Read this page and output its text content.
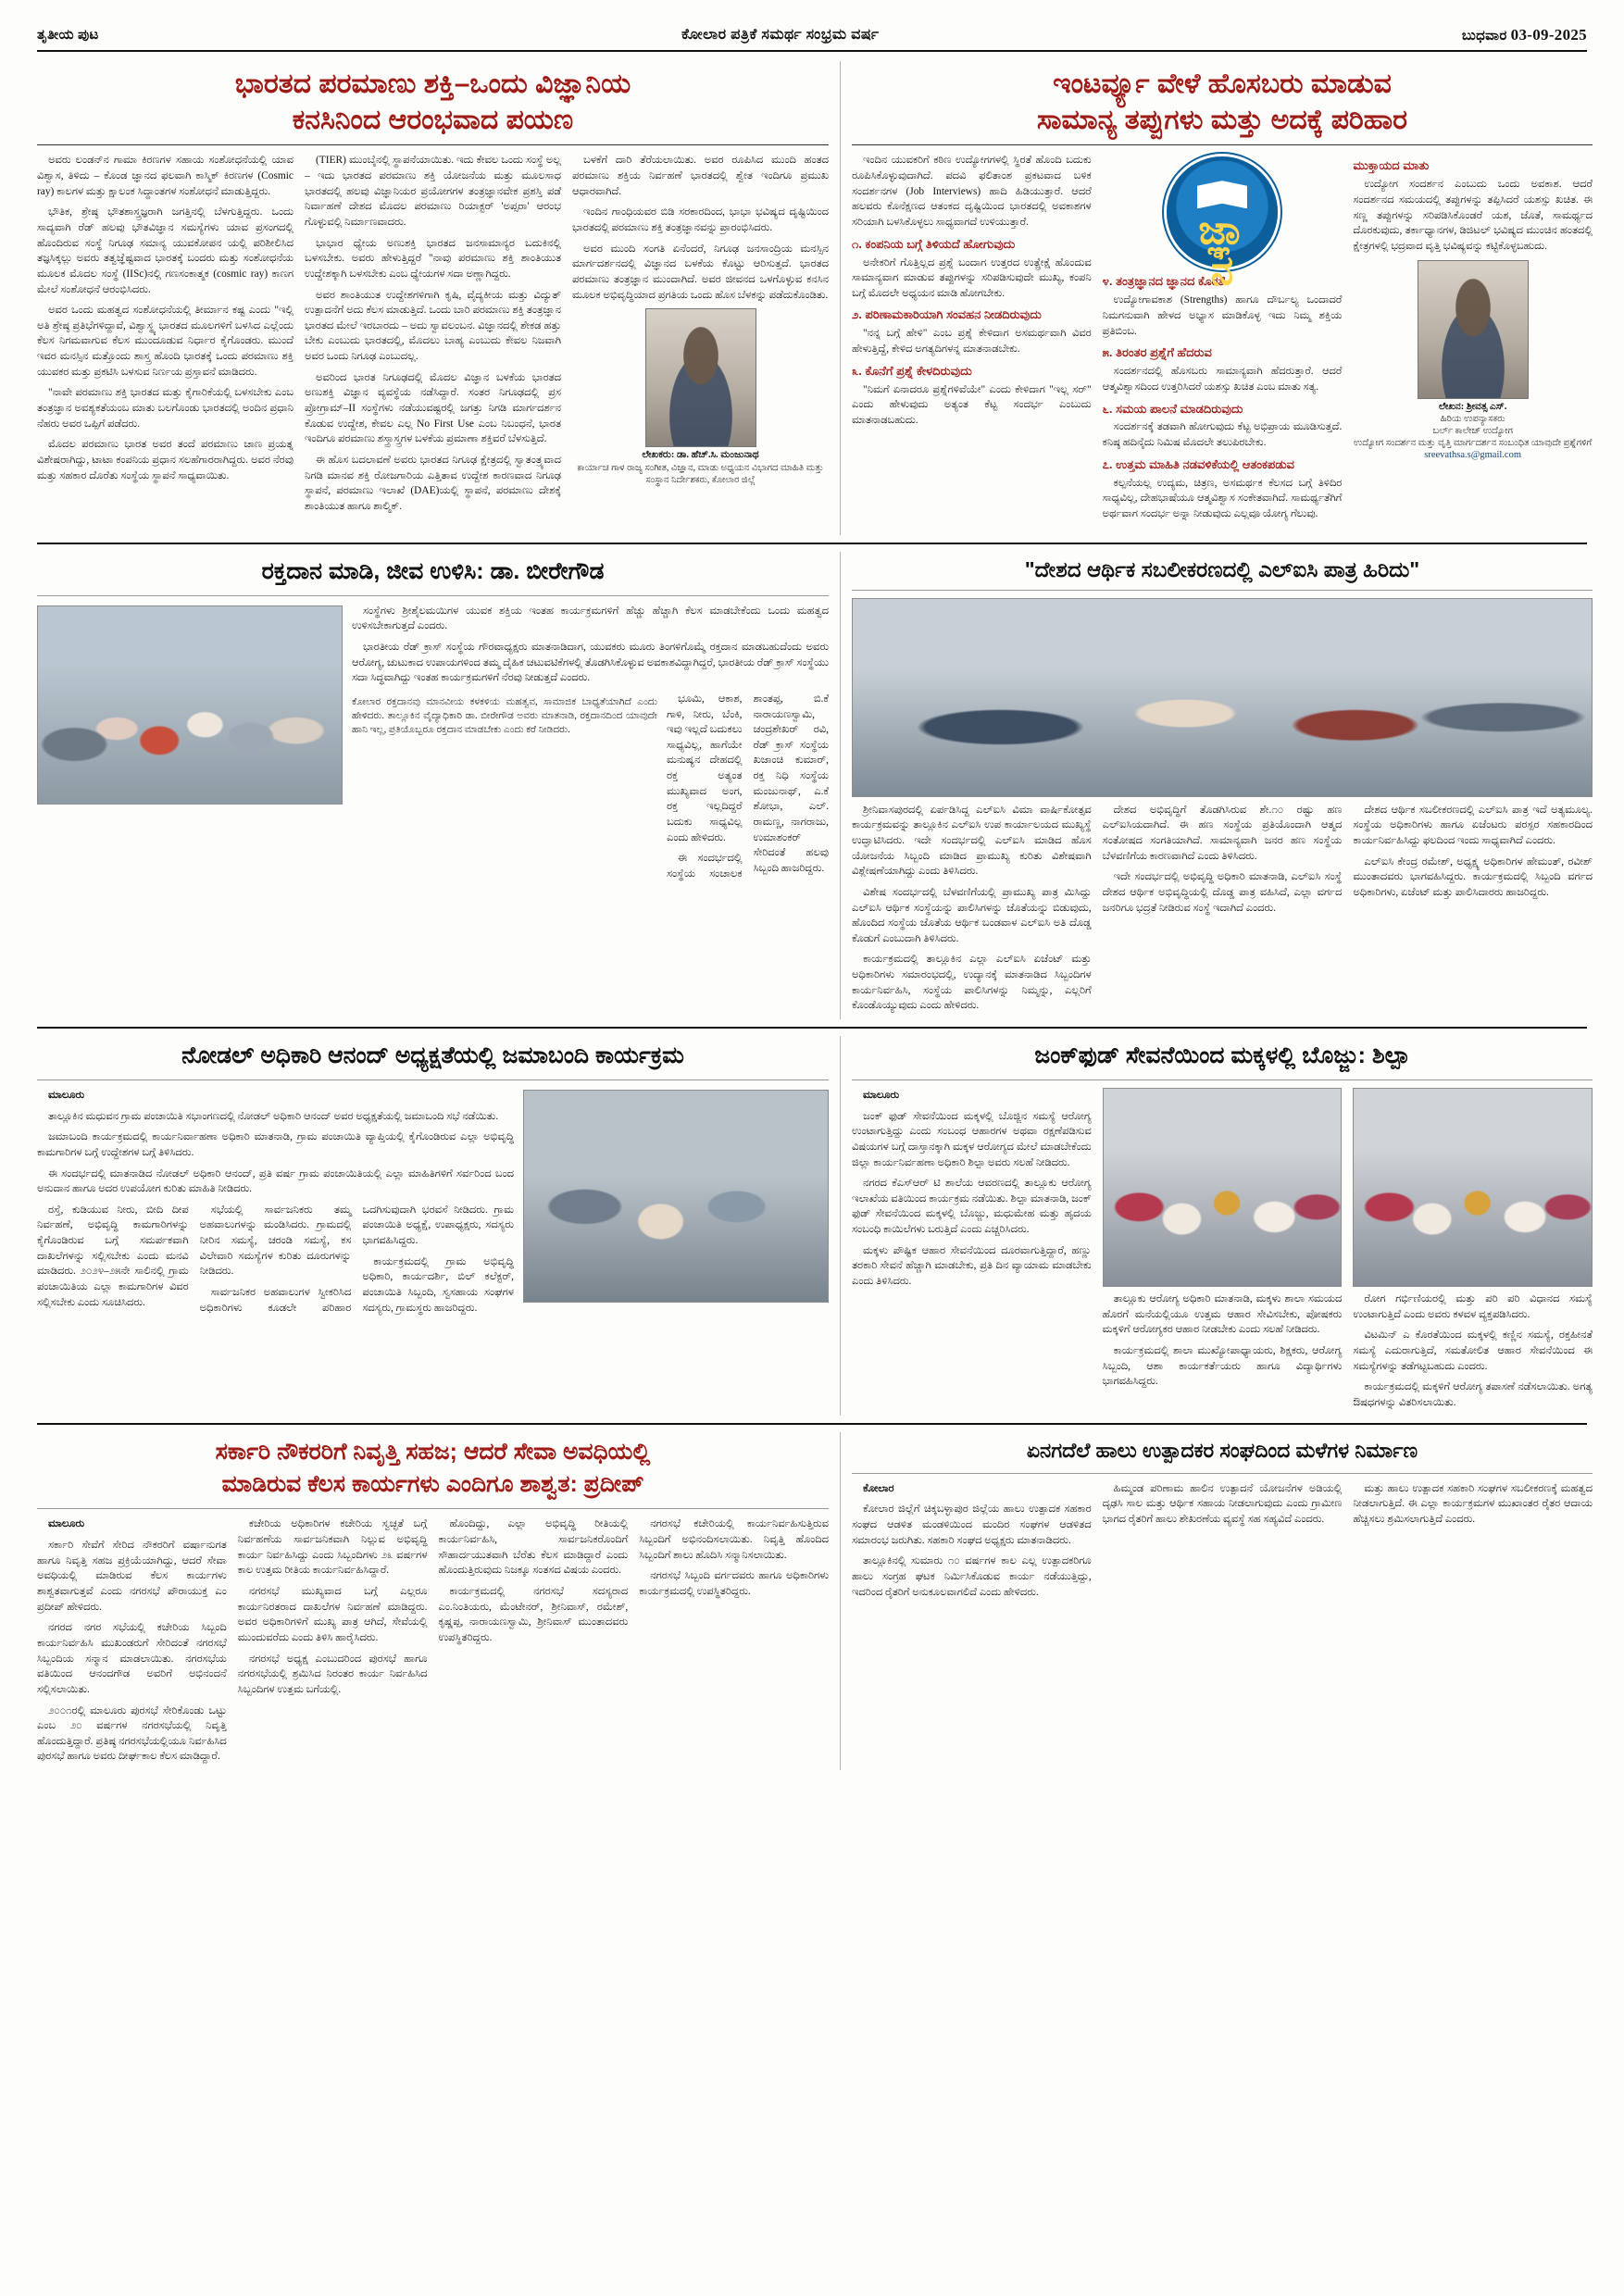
ತೃತೀಯ ಪುಟ	ಕೋಲಾರ ಪತ್ರಿಕೆ ಸಮರ್ಥ ಸಂಭ್ರಮ ವರ್ಷ	ಬುಧವಾರ 03-09-2025
ಭಾರತದ ಪರಮಾಣು ಶಕ್ತಿ–ಒಂದು ವಿಜ್ಞಾನಿಯ
ಕನಸಿನಿಂದ ಆರಂಭವಾದ ಪಯಣ

ಅವರು ಲಂಡನ್‌ನ ಗಾಮಾ ಕಿರಣಗಳ ಸಹಾಯ ಸಂಶೋಧನೆಯಲ್ಲಿ ಯಾವ ವಿಶ್ವಾಸ, ತಿಳಿದು – ಕೊಂಡ ಜ್ಞಾನದ ಫಲವಾಗಿ ಕಾಸ್ಮಿಕ್ ಕಿರಣಗಳ (Cosmic ray) ಕಾಲಗಳ ಮತ್ತು ಕ್ಷಾಲಂಕ ಸಿದ್ಧಾಂತಗಳ ಸಂಶೋಧನೆ ಮಾಡುತ್ತಿದ್ದರು.

ಭೌತಿಕ, ಶ್ರೇಷ್ಠ ಭೌತಶಾಸ್ತ್ರಜ್ಞರಾಗಿ ಜಗತ್ತಿನಲ್ಲಿ ಬೆಳಗುತ್ತಿದ್ದರು. ಒಂದು ಸಾದ್ಯವಾಗಿ ರೆಡ್ ಹಲವು ಭೌತವಿಜ್ಞಾನ ಸಮಸ್ಯೆಗಳು ಯಾವ ಪ್ರಸಂಗದಲ್ಲಿ ಹೊಂದಿರುವ ಸಂಸ್ಥೆ ನಿಗೂಢ ಸಮಾನ್ಯ ಯುವಕೋಪನ ಯಲ್ಲಿ ಪರಿಶೀಲಿಸಿದ ತಜ್ಞಸಿಕ್ಕಲ್ಲು ಅವರು ತತ್ವಜ್ಞೆಷ್ಟವಾದ ಭಾರತಕ್ಕೆ ಬಂದರು ಮತ್ತು ಸಂಶೋಧನೆಯ ಮೂಲಕ ಮೊದಲ ಸಂಸ್ಥೆ (IISc)ನಲ್ಲಿ ಗಣಸಂಕಾತ್ಮಕ (cosmic ray) ಕಾಣಗ ಮೇಲೆ ಸಂಶೋಧನೆ ಆರಂಭಿಸಿದರು.

ಅವರ ಒಂದು ಮಹತ್ವದ ಸಂಶೋಧನೆಯಲ್ಲಿ ತೀರ್ಮಾನ ಕಷ್ಟ ಎಂದು "ಇಲ್ಲಿ ಅತಿ ಶ್ರೇಷ್ಠ ಪ್ರತಿಭೆಗಳಿದ್ದಾವೆ, ವಿಶ್ವಾಸ್ಥ್ಯ ಭಾರತದ ಮೂಲಗಳಿಗೆ ಬಳಸಿದ ಎಲ್ಲೆಂದು ಕೆಲಸ ನಿಗಮವಾಗುವ ಕೆಲಸ ಮುಂದೂಡುವ ನಿರ್ಧಾರ ಕೈಗೊಂಡರು. ಮುಂದೆ ಇವರ ಮನಸ್ಸಿನ ಮತ್ತೊಂದು ಶಾಸ್ತ್ರ ಹೊಂದಿ ಭಾರತಕ್ಕೆ ಒಂದು ಪರಮಾಣು ಶಕ್ತಿ ಯುವಕರ ಮತ್ತು ಪ್ರಕಟಿಸಿ ಬಳಸುವ ನಿರ್ಣಯ ಪ್ರಸ್ತಾವನೆ ಮಾಡಿದರು.

"ನಾವೇ ಪರಮಾಣು ಶಕ್ತಿ ಭಾರತದ ಮತ್ತು ಕೈಗಾರಿಕೆಯಲ್ಲಿ ಬಳಸಬೇಕು ಎಂಬ ತಂತ್ರಜ್ಞಾನ ಅವಶ್ಯಕತೆಯಂಬ ಮಾತು ಬಲಗೊಂಡು ಭಾರತದಲ್ಲಿ ಅಂದಿನ ಪ್ರಧಾನಿ ನೆಹರು ಅವರ ಒಪ್ಪಿಗೆ ಪಡೆದರು.

ಮೊದಲ ಪರಮಾಣು ಭಾರತ ಅವರ ತಂದೆ ಪರಮಾಣು ಚಾಣ ಪ್ರಯತ್ನ ವಿಶೇಷರಾಗಿದ್ದು, ಟಾಟಾ ಕಂಪನಿಯ ಪ್ರಧಾನ ಸಲಹೆಗಾರರಾಗಿದ್ದರು. ಅವರ ನೆರವು ಮತ್ತು ಸಹಕಾರ ದೊರೆತು ಸಂಸ್ಥೆಯ ಸ್ಥಾಪನೆ ಸಾಧ್ಯವಾಯಿತು.

(TIER) ಮುಂಬೈನಲ್ಲಿ ಸ್ಥಾಪನೆಯಾಯಿತು. ಇದು ಕೇವಲ ಒಂದು ಸಂಸ್ಥೆ ಅಲ್ಲ – ಇದು ಭಾರತದ ಪರಮಾಣು ಶಕ್ತಿ ಯೋಜನೆಯ ಮತ್ತು ಮೂಲಸಾಧ ಭಾರತದಲ್ಲಿ ಹಲವು ವಿಜ್ಞಾನಿಯರ ಪ್ರಯೋಗಗಳ ತಂತ್ರಜ್ಞಾನವೇಕ ಪ್ರಶಸ್ತಿ ಪಡೆ ನಿರ್ವಾಹಣೆ ದೇಶದ ಮೊದಲ ಪರಮಾಣು ರಿಯಾಕ್ಟರ್ 'ಅಪ್ಸರಾ' ಆರಂಭ ಗೊಳ್ಳುವಲ್ಲಿ ನಿರ್ಮಾಣವಾದರು.

ಭಾಭಾರ ಧ್ಯೇಯ ಅಣುಶಕ್ತಿ ಭಾರತದ ಜನಸಾಮಾನ್ಯರ ಬದುಕಿನಲ್ಲಿ ಬಳಸಬೇಕು. ಅವರು ಹೇಳುತ್ತಿದ್ದರೆ "ನಾವು ಪರಮಾಣು ಶಕ್ತಿ ಶಾಂತಿಯುತ ಉದ್ದೇಶಕ್ಕಾಗಿ ಬಳಸಬೇಕು ಎಂಬ ಧ್ಯೇಯಗಳ ಸದಾ ಅಣ್ಣಾಗಿದ್ದರು.

ಅವರ ಶಾಂತಿಯುತ ಉದ್ದೇಶಗಳಿಗಾಗಿ ಕೃಷಿ, ವೈದ್ಯಕೀಯ ಮತ್ತು ವಿದ್ಯುತ್ ಉತ್ಪಾದನೆಗೆ ಅದು ಕೆಲಸ ಮಾಡುತ್ತಿದೆ. ಒಂದು ಬಾರಿ ಪರಮಾಣು ಶಕ್ತಿ ತಂತ್ರಜ್ಞಾನ ಭಾರತದ ಮೇಲೆ ಇರಬಾರದು – ಅದು ಸ್ವಾವಲಂಬನ. ವಿಜ್ಞಾನದಲ್ಲಿ ಶೇಕಡ ಹತ್ತು ಬೇಕು ಎಂಬುದು ಭಾರತದಲ್ಲಿ, ಮೊದಲು ಬಾಹ್ಯ ಎಂಬುದು ಕೇವಲ ನಿಜವಾಗಿ ಅವರ ಒಂದು ನಿಗೂಢ ಎಂಬುದಲ್ಲ.

ಅವರಿಂದ ಭಾರತ ನಿಗೂಢದಲ್ಲಿ ಮೊದಲ ವಿಜ್ಞಾನ ಬಳಕೆಯ ಭಾರತದ ಅಣುಶಕ್ತಿ ವಿಜ್ಞಾನ ವ್ಯವಸ್ಥೆಯ ನಡೆಸಿದ್ದಾರೆ. ಸಂತರ ನಿಗೂಢದಲ್ಲಿ ಪ್ರಸ ಪ್ರೋಗ್ರಾಮ್‌–II ಸಂಸ್ಥೆಗಳು ನಡೆಯುವಷ್ಟರಲ್ಲಿ ಜಗತ್ತು ನಿಗಡಿ ಮಾರ್ಗದರ್ಶನ ಕೊಡುವ ಉದ್ದೇಶ, ಕೇವಲ ಎಲ್ಲ No First Use ಎಂಬ ನಿಬಂಧನೆ, ಭಾರತ ಇಂದಿಗೂ ಪರಮಾಣು ಶಸ್ತ್ರಾಸ್ತ್ರಗಳ ಬಳಕೆಯ ಪ್ರಮಾಣಾ ಶಕ್ತಿವರೆ ಬೆಳಸುತ್ತಿದೆ.

ಈ ಹೊಸ ಬದಲಾವಣೆ ಅವರು ಭಾರತದ ನಿಗೂಢ ಕ್ಷೇತ್ರದಲ್ಲಿ ಸ್ವಾತಂತ್ರ್ಯವಾದ ನಿಗಡಿ ಮಾನವ ಶಕ್ತಿ ರೋಜಗಾರಿಯ ಎತ್ತಿತಾವ ಉದ್ದೇಶ ಕಾರಣವಾದ ನಿಗೂಢ ಸ್ಥಾಪನೆ, ಪರಮಾಣು ಇಲಾಖೆ (DAE)ಯಲ್ಲಿ ಸ್ಥಾಪನೆ, ಪರಮಾಣು ದೇಶಕ್ಕೆ ಶಾಂತಿಯುತ ಹಾಗೂ ಶಾಲ್ಮಿಕ್.

ಬಳಕೆಗೆ ದಾರಿ ತೆರೆಯಲಾಯಿತು. ಅವರ ರೂಪಿಸಿದ ಮುಂದಿ ಹಂತದ ಪರಮಾಣು ಶಕ್ತಿಯ ನಿರ್ವಹಣೆ ಭಾರತದಲ್ಲಿ ಶ್ವೇತ ಇಂದಿಗೂ ಪ್ರಮುಖ ಆಧಾರವಾಗಿದೆ.

ಇಂದಿನ ಗಾಂಧಿಯವರ ಬಿಡಿ ಸರಕಾರದಿಂದ, ಭಾಭಾ ಭವಿಷ್ಯದ ದೃಷ್ಟಿಯಿಂದ ಭಾರತದಲ್ಲಿ ಪರಮಾಣು ಶಕ್ತಿ ತಂತ್ರಜ್ಞಾನವನ್ನು ಪ್ರಾರಂಭಿಸಿದರು.

ಅವರ ಮುಂದಿ ಸಂಗತಿ ಏನೆಂದರೆ, ನಿಗೂಢ ಜನಸಾಂದ್ರಿಯ ಮನಸ್ಸಿನ ಮಾರ್ಗದರ್ಶನದಲ್ಲಿ ವಿಜ್ಞಾನದ ಬಳಕೆಯ ಕೊಟ್ಟು ಆರಿಸುತ್ತದೆ. ಭಾರತದ ಪರಮಾಣು ತಂತ್ರಜ್ಞಾನ ಮುಂದಾಗಿದೆ. ಅವರ ಜೀವನದ ಒಳಗೊಳ್ಳುವ ಕನಸಿನ ಮೂಲಕ ಅಭಿವೃದ್ಧಿಯಾದ ಪ್ರಗತಿಯ ಒಂದು ಹೊಸ ಬೆಳಕನ್ನು ಪಡೆದುಕೊಂಡಿತು.

ಲೇಖಕರು: ಡಾ. ಹೆಚ್.ಸಿ. ಮಂಜುನಾಥ
ಕಾರ್ಯಾಚ ಗಾಳ ರಾಜ್ಯ ಸಂಗೀತ, ವಿಜ್ಞಾನ, ಮಾಡು ಅಧ್ಯಯನ ವಿಭಾಗದ ಮಾಹಿತಿ ಮತ್ತು ಸಂಸ್ಥಾನ ನಿರ್ದೇಶಕರು, ಕೋಲಾರ ಜಿಲ್ಲೆ
ಇಂಟರ್ವ್ಯೂ ವೇಳೆ ಹೊಸಬರು ಮಾಡುವ
ಸಾಮಾನ್ಯ ತಪ್ಪುಗಳು ಮತ್ತು ಅದಕ್ಕೆ ಪರಿಹಾರ

ಇಂದಿನ ಯುವಕರಿಗೆ ಕಠಿಣ ಉದ್ಯೋಗಗಳಲ್ಲಿ ಸ್ಥಿರತೆ ಹೊಂದಿ ಬದುಕು ರೂಪಿಸಿಕೊಳ್ಳುವುದಾಗಿದೆ. ಪದವಿ ಫಲಿತಾಂಶ ಪ್ರಕಟವಾದ ಬಳಿಕ ಸಂದರ್ಶನಗಳ (Job Interviews) ಹಾದಿ ಹಿಡಿಯುತ್ತಾರೆ. ಆದರೆ ಹಲವರು ಕೊನೆಕ್ಷಣದ ಆತಂಕದ ದೃಷ್ಟಿಯಿಂದ ಭಾರತದಲ್ಲಿ ಅವಕಾಶಗಳ ಸರಿಯಾಗಿ ಬಳಸಿಕೊಳ್ಳಲು ಸಾಧ್ಯವಾಗದೆ ಉಳಿಯುತ್ತಾರೆ.

೧. ಕಂಪನಿಯ ಬಗ್ಗೆ ತಿಳಿಯದೆ ಹೋಗುವುದು

ಅನೇಕರಿಗೆ ಗೊತ್ತಿಲ್ಲದ ಪ್ರಶ್ನೆ ಬಂದಾಗ ಉತ್ತರದ ಉತ್ಪ್ರೇಕ್ಷೆ ಹೊಂದುವ ಸಾಮಾನ್ಯವಾಗ ಮಾಡುವ ತಪ್ಪುಗಳನ್ನು ಸರಿಪಡಿಸುವುದೇ ಮುಖ್ಯ, ಕಂಪನಿ ಬಗ್ಗೆ ಮೊದಲೇ ಅಧ್ಯಯನ ಮಾಡಿ ಹೋಗಬೇಕು.

೨. ಪರಿಣಾಮಕಾರಿಯಾಗಿ ಸಂವಹನ ನೀಡದಿರುವುದು

"ನನ್ನ ಬಗ್ಗೆ ಹೇಳಿ" ಎಂಬ ಪ್ರಶ್ನೆ ಕೇಳಿದಾಗ ಅಸಮರ್ಥವಾಗಿ ವಿವರ ಹೇಳುತ್ತಿದ್ದೆ, ಕೇಳಿದ ಅಗತ್ಯದಿಗಳನ್ನ ಮಾತನಾಡಬೇಕು.

೩. ಕೊನೆಗೆ ಪ್ರಶ್ನೆ ಕೇಳದಿರುವುದು

"ನಿಮಗೆ ಏನಾದರೂ ಪ್ರಶ್ನೆಗಳಿವೆಯೇ" ಎಂದು ಕೇಳಿದಾಗ "ಇಲ್ಲ ಸರ್" ಎಂದು ಹೇಳುವುದು ಅತ್ಯಂತ ಕೆಟ್ಟ ಸಂದರ್ಭ ಎಂಬುದು ಮಾತನಾಡಬಹುದು.

ಜ್ಞಾನ
೪. ತಂತ್ರಜ್ಞಾನದ ಜ್ಞಾನದ ಕೊರತೆ

ಉದ್ಯೋಗಾವಕಾಶ (Strengths) ಹಾಗೂ ದೌರ್ಬಲ್ಯ ಒಂದಾದರೆ ನಿಮಗನುವಾಗಿ ಹೇಳದ ಅಭ್ಯಾಸ ಮಾಡಿಕೊಳ್ಳ ಇದು ನಿಮ್ಮ ಶಕ್ತಿಯ ಪ್ರತಿಬಿಂಬ.

೫. ತಿರಂತರ ಪ್ರಶ್ನೆಗೆ ಹೆದರುವ

ಸಂದರ್ಶನದಲ್ಲಿ ಹೊಸಬರು ಸಾಮಾನ್ಯವಾಗಿ ಹೆದರುತ್ತಾರೆ. ಆದರೆ ಆತ್ಮವಿಶ್ವಾಸದಿಂದ ಉತ್ತರಿಸಿದರೆ ಯಶಸ್ಸು ಖಚಿತ ಎಂಬ ಮಾತು ಸತ್ಯ.

೬. ಸಮಯ ಪಾಲನೆ ಮಾಡದಿರುವುದು

ಸಂದರ್ಶನಕ್ಕೆ ತಡವಾಗಿ ಹೋಗುವುದು ಕೆಟ್ಟ ಅಭಿಪ್ರಾಯ ಮೂಡಿಸುತ್ತದೆ. ಕನಿಷ್ಠ ಹದಿನೈದು ನಿಮಿಷ ಮೊದಲೇ ತಲುಪಿರಬೇಕು.

೭. ಉತ್ತಮ ಮಾಹಿತಿ ನಡವಳಿಕೆಯಲ್ಲಿ ಆತಂಕಪಡುವ

ಕಲ್ಪನೆಯಲ್ಲ ಉದ್ಯಮ, ಚಿತ್ರಣ, ಅಸಮರ್ಥಕ ಕೆಲಸದ ಬಗ್ಗೆ ತಿಳಿದಿರ ಸಾಧ್ಯವಿಲ್ಲ, ದೇಹಭಾಷೆಯೂ ಆತ್ಮವಿಶ್ವಾಸ ಸಂಕೇತವಾಗಿದೆ. ಸಾಮರ್ಥ್ಯತೆಗಿಗೆ ಅರ್ಥವಾಗ ಸಂದರ್ಭ ಅನ್ನಾ ನೀಡುವುದು ಎಲ್ಲವೂ ಯೋಗ್ಯ ಗೆಲುವು.

ಮುಕ್ತಾಯದ ಮಾತು

ಉದ್ಯೋಗ ಸಂದರ್ಶನ ಎಂಬುದು ಒಂದು ಅವಕಾಶ. ಆದರೆ ಸಂದರ್ಶನದ ಸಮಯದಲ್ಲಿ ತಪ್ಪುಗಳನ್ನು ತಪ್ಪಿಸಿದರೆ ಯಶಸ್ಸು ಖಚಿತ. ಈ ಸಣ್ಣ ತಪ್ಪುಗಳನ್ನು ಸರಿಪಡಿಸಿಕೊಂಡರೆ ಯಶ, ಜೊತೆ, ಸಾಮರ್ಥ್ಯದ ದೊರಕುವುದು, ತರ್ಕಾಧ್ಯಾನಗಳ, ಡಿಜಿಟಲ್ ಭವಿಷ್ಯದ ಮುಂಚಿನ ಹಂತದಲ್ಲಿ ಕ್ಷೇತ್ರಗಳಲ್ಲಿ ಭದ್ರವಾದ ವೃತ್ತಿ ಭವಿಷ್ಯವನ್ನು ಕಟ್ಟಿಕೊಳ್ಳಬಹುದು.

ಲೇಖನ: ಶ್ರೀವತ್ಸ ಎಸ್.
ಹಿರಿಯ ಉಪನ್ಯಾಸಕರು
ಬರ್ಲ್ ಕಾಲೇಜ್ ಉದ್ಯೋಗ
ಉದ್ಯೋಗ ಸಂದರ್ಶನ ಮತ್ತು ವೃತ್ತಿ ಮಾರ್ಗದರ್ಶನ ಸಂಬಂಧಿತ ಯಾವುದೇ ಪ್ರಶ್ನೆಗಳಿಗೆ
sreevathsa.s@gmail.com
ರಕ್ತದಾನ ಮಾಡಿ, ಜೀವ ಉಳಿಸಿ: ಡಾ. ಬೀರೇಗೌಡ

ಸಂಸ್ಥೆಗಳು ಶ್ರೀಶೈಲಮಯಿಗಳ ಯುವಕ ಶಕ್ತಿಯ ಇಂತಹ ಕಾರ್ಯಕ್ರಮಗಳಿಗೆ ಹೆಚ್ಚು ಹೆಚ್ಚಾಗಿ ಕೆಲಸ ಮಾಡಬೇಕೆಂದು ಒಂದು ಮಹತ್ವದ ಉಳಿಸಬೇಕಾಗುತ್ತದೆ ಎಂದರು.

ಭಾರತೀಯ ರೆಡ್ ಕ್ರಾಸ್ ಸಂಸ್ಥೆಯ ಗೌರವಾಧ್ಯಕ್ಷರು ಮಾತನಾಡಿದಾಗ, ಯುವಕರು ಮೂರು ತಿಂಗಳಿಗೊಮ್ಮೆ ರಕ್ತದಾನ ಮಾಡಬಹುದೆಂದು ಅವರು ಆರೋಗ್ಯ, ಚುಟುಕಾದ ಉಪಾಯಗಳಿಂದ ತಮ್ಮ ದೈಹಿಕ ಚಟುವಟಿಕೆಗಳಲ್ಲಿ ತೊಡಗಿಸಿಕೊಳ್ಳುವ ಅವಕಾಶವಿದ್ದಾಗಿದ್ದರೆ, ಭಾರತೀಯ ರೆಡ್ ಕ್ರಾಸ್ ಸಂಸ್ಥೆಯು ಸದಾ ಸಿದ್ಧವಾಗಿದ್ದು ಇಂತಹ ಕಾರ್ಯಕ್ರಮಗಳಿಗೆ ನೆರವು ನೀಡುತ್ತದೆ ಎಂದರು.

ಕೋಲಾರ ರಕ್ತದಾನವು ಮಾನವೀಯ ಕಳಕಳಿಯ ಮಹತ್ವವ, ಸಾಮಾಜಿಕ ಬಾಧ್ಯತೆಯಾಗಿದೆ ಎಂದು ಹೇಳಿದರು. ತಾಲ್ಲೂಕಿನ ವೈದ್ಯಾಧಿಕಾರಿ ಡಾ. ಬೀರೇಗೌಡ ಅವರು ಮಾತನಾಡಿ, ರಕ್ತದಾನದಿಂದ ಯಾವುದೇ ಹಾನಿ ಇಲ್ಲ, ಪ್ರತಿಯೊಬ್ಬರೂ ರಕ್ತದಾನ ಮಾಡಬೇಕು ಎಂದು ಕರೆ ನೀಡಿದರು.

ಭೂಮಿ, ಆಕಾಶ, ಗಾಳಿ, ನೀರು, ಬೆಂಕಿ, ಇವು ಇಲ್ಲದೆ ಬದುಕಲು ಸಾಧ್ಯವಿಲ್ಲ, ಹಾಗೆಯೇ ಮನುಷ್ಯನ ದೇಹದಲ್ಲಿ ರಕ್ತ ಅತ್ಯಂತ ಮುಖ್ಯವಾದ ಅಂಗ, ರಕ್ತ ಇಲ್ಲದಿದ್ದರೆ ಬದುಕು ಸಾಧ್ಯವಿಲ್ಲ ಎಂದು ಹೇಳಿದರು.

ಈ ಸಂದರ್ಭದಲ್ಲಿ ಸಂಸ್ಥೆಯ ಸಂಚಾಲಕ ಶಾಂತಪ್ಪ, ಬಿ.ಕೆ ನಾರಾಯಣಸ್ವಾಮಿ, ಚಂದ್ರಶೇಖರ್ ರವಿ, ರೆಡ್ ಕ್ರಾಸ್ ಸಂಸ್ಥೆಯ ಖಜಾಂಚಿ ಕುಮಾರ್, ರಕ್ತ ನಿಧಿ ಸಂಸ್ಥೆಯ ಮಂಜುನಾಥ್, ಎ.ಕೆ ಶೋಭಾ, ಎಲ್. ರಾಮಣ್ಣ, ನಾಗರಾಜು, ಉಮಾಶಂಕರ್ ಸೇರಿದಂತೆ ಹಲವು ಸಿಬ್ಬಂದಿ ಹಾಜರಿದ್ದರು.

"ದೇಶದ ಆರ್ಥಿಕ ಸಬಲೀಕರಣದಲ್ಲಿ ಎಲ್‌ಐಸಿ ಪಾತ್ರ ಹಿರಿದು"

ಶ್ರೀನಿವಾಸಪುರದಲ್ಲಿ ಏರ್ಪಡಿಸಿದ್ದ ಎಲ್‌ಐಸಿ ವಿಮಾ ವಾರ್ಷಿಕೋತ್ಸವ ಕಾರ್ಯಕ್ರಮವನ್ನು ತಾಲ್ಲೂಕಿನ ಎಲ್‌ಐಸಿ ಉಪ ಕಾರ್ಯಾಲಯದ ಮುಖ್ಯಸ್ಥೆ ಉದ್ಘಾಟಿಸಿದರು. ಇದೇ ಸಂದರ್ಭದಲ್ಲಿ ಎಲ್‌ಐಸಿ ಮಾಡಿದ ಹೊಸ ಯೋಜನೆಯ ಸಿಬ್ಬಂದಿ ಮಾಡಿದ ಪ್ರಾಮುಖ್ಯ ಕುರಿತು ವಿಶೇಷವಾಗಿ ವಿಶ್ಲೇಷಣೆಯಾಗಿದ್ದು ಎಂದು ತಿಳಿಸಿದರು.

ವಿಶೇಷ ಸಂದರ್ಭದಲ್ಲಿ ಬೆಳವಣಿಗೆಯಲ್ಲಿ ಪ್ರಾಮುಖ್ಯ ಪಾತ್ರ ಮಿಸಿದ್ದು ಎಲ್‌ಐಸಿ ಆರ್ಥಿಕ ಸಂಸ್ಥೆಯನ್ನು ಪಾಲಿಸಿಗಳನ್ನು ಜೊತೆಯನ್ನು ಬಿಡುವುದು, ಹೊಂದಿದ ಸಂಸ್ಥೆಯ ಜೊತೆಯ ಆರ್ಥಿಕ ಬಂಡವಾಳ ಎಲ್‌ಐಸಿ ಅತಿ ದೊಡ್ಡ ಕೊಡುಗೆ ಎಂಬುದಾಗಿ ತಿಳಿಸಿದರು.

ಕಾರ್ಯಕ್ರಮದಲ್ಲಿ ತಾಲ್ಲೂಕಿನ ಎಲ್ಲಾ ಎಲ್‌ಐಸಿ ಏಜೆಂಟ್ ಮತ್ತು ಅಧಿಕಾರಿಗಳು ಸಮಾರಂಭದಲ್ಲಿ, ಉದ್ಯಾನಕ್ಕೆ ಮಾತನಾಡಿದ ಸಿಬ್ಬಂದಿಗಳ ಕಾರ್ಯನಿರ್ವಹಿಸಿ, ಸಂಸ್ಥೆಯ ಪಾಲಿಸಿಗಳನ್ನು ನಿಮ್ಮನ್ನು, ಎಲ್ಲರಿಗೆ ಕೊಂಡೊಯ್ಯುವುದು ಎಂದು ಹೇಳಿದರು.

ದೇಶದ ಅಭಿವೃದ್ಧಿಗೆ ತೊಡಗಿಸಿರುವ ಶೇ.೧೦ ರಷ್ಟು ಹಣ ಎಲ್‌ಐಸಿಯದಾಗಿದೆ. ಈ ಹಣ ಸಂಸ್ಥೆಯ ಪ್ರತಿಯೊಂದಾಗಿ ಆತ್ಮದ ಸಂತೋಷದ ಸಂಗತಿಯಾಗಿದೆ. ಸಾಮಾನ್ಯವಾಗಿ ಜನರ ಹಣ ಸಂಸ್ಥೆಯ ಬೆಳವಣಿಗೆಯ ಕಾರಣವಾಗಿದೆ ಎಂದು ತಿಳಿಸಿದರು.

ಇದೇ ಸಂದರ್ಭದಲ್ಲಿ ಅಭಿವೃದ್ಧಿ ಅಧಿಕಾರಿ ಮಾತನಾಡಿ, ಎಲ್‌ಐಸಿ ಸಂಸ್ಥೆ ದೇಶದ ಆರ್ಥಿಕ ಅಭಿವೃದ್ಧಿಯಲ್ಲಿ ದೊಡ್ಡ ಪಾತ್ರ ವಹಿಸಿದೆ, ಎಲ್ಲಾ ವರ್ಗದ ಜನರಿಗೂ ಭದ್ರತೆ ನೀಡಿರುವ ಸಂಸ್ಥೆ ಇದಾಗಿದೆ ಎಂದರು.

ದೇಶದ ಆರ್ಥಿಕ ಸಬಲೀಕರಣದಲ್ಲಿ ಎಲ್‌ಐಸಿ ಪಾತ್ರ ಇದೆ ಅತ್ಯಮೂಲ್ಯ. ಸಂಸ್ಥೆಯ ಅಧಿಕಾರಿಗಳು ಹಾಗೂ ಏಜೆಂಟರು ಪರಸ್ಪರ ಸಹಕಾರದಿಂದ ಕಾರ್ಯನಿರ್ವಹಿಸಿದ್ದು ಫಲದಿಂದ ಇಂದು ಸಾಧ್ಯವಾಗಿದೆ ಎಂದರು.

ಎಲ್‌ಐಸಿ ಕೇಂದ್ರ ರಮೇಶ್, ಅಧ್ಯಕ್ಷ್ಯ ಅಧಿಕಾರಿಗಳ ಹೇಮಂತ್, ರವೀಶ್ ಮುಂತಾದವರು ಭಾಗವಹಿಸಿದ್ದರು. ಕಾರ್ಯಕ್ರಮದಲ್ಲಿ ಸಿಬ್ಬಂದಿ ವರ್ಗದ ಅಧಿಕಾರಿಗಳು, ಏಜೆಂಟ್ ಮತ್ತು ಪಾಲಿಸಿದಾರರು ಹಾಜರಿದ್ದರು.

ನೋಡಲ್ ಅಧಿಕಾರಿ ಆನಂದ್ ಅಧ್ಯಕ್ಷತೆಯಲ್ಲಿ ಜಮಾಬಂದಿ ಕಾರ್ಯಕ್ರಮ

ಮಾಲೂರು

ತಾಲ್ಲೂಕಿನ ಮಧುವನ ಗ್ರಾಮ ಪಂಚಾಯಿತಿ ಸಭಾಂಗಣದಲ್ಲಿ ನೋಡಲ್ ಅಧಿಕಾರಿ ಆನಂದ್ ಅವರ ಅಧ್ಯಕ್ಷತೆಯಲ್ಲಿ ಜಮಾಬಂದಿ ಸಭೆ ನಡೆಯಿತು.

ಜಮಾಬಂದಿ ಕಾರ್ಯಕ್ರಮದಲ್ಲಿ ಕಾರ್ಯನಿರ್ವಾಹಣಾ ಅಧಿಕಾರಿ ಮಾತನಾಡಿ, ಗ್ರಾಮ ಪಂಚಾಯಿತಿ ವ್ಯಾಪ್ತಿಯಲ್ಲಿ ಕೈಗೊಂಡಿರುವ ಎಲ್ಲಾ ಅಭಿವೃದ್ಧಿ ಕಾಮಗಾರಿಗಳ ಬಗ್ಗೆ ಉದ್ದೇಶಗಳ ಬಗ್ಗೆ ತಿಳಿಸಿದರು.

ಈ ಸಂದರ್ಭದಲ್ಲಿ ಮಾತನಾಡಿದ ನೋಡಲ್ ಅಧಿಕಾರಿ ಆನಂದ್, ಪ್ರತಿ ವರ್ಷ ಗ್ರಾಮ ಪಂಚಾಯಿತಿಯಲ್ಲಿ ಎಲ್ಲಾ ಮಾಹಿತಿಗಳಿಗೆ ಸರ್ವರಿಂದ ಬಂದ ಅನುದಾನ ಹಾಗೂ ಅದರ ಉಪಯೋಗ ಕುರಿತು ಮಾಹಿತಿ ನೀಡಿದರು.

ರಸ್ತೆ, ಕುಡಿಯುವ ನೀರು, ಬೀದಿ ದೀಪ ನಿರ್ವಹಣೆ, ಅಭಿವೃದ್ಧಿ ಕಾಮಗಾರಿಗಳನ್ನು ಕೈಗೊಂಡಿರುವ ಬಗ್ಗೆ ಸಮರ್ಪಕವಾಗಿ ದಾಖಲೆಗಳನ್ನು ಸಲ್ಲಿಸಬೇಕು ಎಂದು ಮನವಿ ಮಾಡಿದರು. ೨೦೨೪–೨೫ನೇ ಸಾಲಿನಲ್ಲಿ ಗ್ರಾಮ ಪಂಚಾಯಿತಿಯ ಎಲ್ಲಾ ಕಾಮಗಾರಿಗಳ ವಿವರ ಸಲ್ಲಿಸಬೇಕು ಎಂದು ಸೂಚಿಸಿದರು.

ಸಭೆಯಲ್ಲಿ ಸಾರ್ವಜನಿಕರು ತಮ್ಮ ಅಹವಾಲುಗಳನ್ನು ಮಂಡಿಸಿದರು. ಗ್ರಾಮದಲ್ಲಿ ನೀರಿನ ಸಮಸ್ಯೆ, ಚರಂಡಿ ಸಮಸ್ಯೆ, ಕಸ ವಿಲೇವಾರಿ ಸಮಸ್ಯೆಗಳ ಕುರಿತು ದೂರುಗಳನ್ನು ನೀಡಿದರು.

ಸಾರ್ವಜನಿಕರ ಅಹವಾಲುಗಳ ಸ್ವೀಕರಿಸಿದ ಅಧಿಕಾರಿಗಳು ಕೂಡಲೇ ಪರಿಹಾರ ಒದಗಿಸುವುದಾಗಿ ಭರವಸೆ ನೀಡಿದರು. ಗ್ರಾಮ ಪಂಚಾಯಿತಿ ಅಧ್ಯಕ್ಷೆ, ಉಪಾಧ್ಯಕ್ಷರು, ಸದಸ್ಯರು ಭಾಗವಹಿಸಿದ್ದರು.

ಕಾರ್ಯಕ್ರಮದಲ್ಲಿ ಗ್ರಾಮ ಅಭಿವೃದ್ಧಿ ಅಧಿಕಾರಿ, ಕಾರ್ಯದರ್ಶಿ, ಬಿಲ್ ಕಲೆಕ್ಟರ್, ಪಂಚಾಯಿತಿ ಸಿಬ್ಬಂದಿ, ಸ್ವಸಹಾಯ ಸಂಘಗಳ ಸದಸ್ಯರು, ಗ್ರಾಮಸ್ಥರು ಹಾಜರಿದ್ದರು.

ಜಂಕ್‌ಫುಡ್ ಸೇವನೆಯಿಂದ ಮಕ್ಕಳಲ್ಲಿ ಬೊಜ್ಜು: ಶಿಲ್ಪಾ

ಮಾಲೂರು

ಜಂಕ್ ಫುಡ್ ಸೇವನೆಯಿಂದ ಮಕ್ಕಳಲ್ಲಿ ಬೊಜ್ಜಿನ ಸಮಸ್ಯೆ ಆರೋಗ್ಯ ಉಂಟಾಗುತ್ತಿದ್ದು ಎಂದು ಸಂಬಂಧ ಆಹಾರಗಳ ಅಥವಾ ರಕ್ಷಣೆಪಡಿಸುವ ವಿಷಯಗಳ ಬಗ್ಗೆ ದಾಸ್ತಾನಕ್ಕಾಗಿ ಮಕ್ಕಳ ಆರೋಗ್ಯದ ಮೇಲೆ ಮಾಡಬೇಕೆಂದು ಜಿಲ್ಲಾ ಕಾರ್ಯನಿರ್ವಹಣಾ ಅಧಿಕಾರಿ ಶಿಲ್ಪಾ ಅವರು ಸಲಹೆ ನೀಡಿದರು.

ನಗರದ ಕೆಎಸ್‌ಆರ್ ಟಿ ಶಾಲೆಯ ಆವರಣದಲ್ಲಿ ತಾಲ್ಲೂಕು ಆರೋಗ್ಯ ಇಲಾಖೆಯ ವತಿಯಿಂದ ಕಾರ್ಯಕ್ರಮ ನಡೆಯಿತು. ಶಿಲ್ಪಾ ಮಾತನಾಡಿ, ಜಂಕ್ ಫುಡ್ ಸೇವನೆಯಿಂದ ಮಕ್ಕಳಲ್ಲಿ ಬೊಜ್ಜು, ಮಧುಮೇಹ ಮತ್ತು ಹೃದಯ ಸಂಬಂಧಿ ಕಾಯಿಲೆಗಳು ಬರುತ್ತಿದೆ ಎಂದು ಎಚ್ಚರಿಸಿದರು.

ಮಕ್ಕಳು ಪೌಷ್ಟಿಕ ಆಹಾರ ಸೇವನೆಯಿಂದ ದೂರವಾಗುತ್ತಿದ್ದಾರೆ, ಹಣ್ಣು ತರಕಾರಿ ಸೇವನೆ ಹೆಚ್ಚಾಗಿ ಮಾಡಬೇಕು, ಪ್ರತಿ ದಿನ ವ್ಯಾಯಾಮ ಮಾಡಬೇಕು ಎಂದು ತಿಳಿಸಿದರು.

ತಾಲ್ಲೂಕು ಆರೋಗ್ಯ ಅಧಿಕಾರಿ ಮಾತನಾಡಿ, ಮಕ್ಕಳು ಶಾಲಾ ಸಮಯದ ಹೊರಗೆ ಮನೆಯಲ್ಲಿಯೂ ಉತ್ತಮ ಆಹಾರ ಸೇವಿಸಬೇಕು, ಪೋಷಕರು ಮಕ್ಕಳಿಗೆ ಆರೋಗ್ಯಕರ ಆಹಾರ ನೀಡಬೇಕು ಎಂದು ಸಲಹೆ ನೀಡಿದರು.

ಕಾರ್ಯಕ್ರಮದಲ್ಲಿ ಶಾಲಾ ಮುಖ್ಯೋಪಾಧ್ಯಾಯರು, ಶಿಕ್ಷಕರು, ಆರೋಗ್ಯ ಸಿಬ್ಬಂದಿ, ಆಶಾ ಕಾರ್ಯಕರ್ತೆಯರು ಹಾಗೂ ವಿದ್ಯಾರ್ಥಿಗಳು ಭಾಗವಹಿಸಿದ್ದರು.

ರೋಗ ಗರ್ಭಿಣಿಯರಲ್ಲಿ ಮತ್ತು ಪರಿ ಪರಿ ವಿಧಾನದ ಸಮಸ್ಯೆ ಉಂಟಾಗುತ್ತಿದೆ ಎಂದು ಅವರು ಕಳವಳ ವ್ಯಕ್ತಪಡಿಸಿದರು.

ವಿಟಮಿನ್ ಎ ಕೊರತೆಯಿಂದ ಮಕ್ಕಳಲ್ಲಿ ಕಣ್ಣಿನ ಸಮಸ್ಯೆ, ರಕ್ತಹೀನತೆ ಸಮಸ್ಯೆ ಎದುರಾಗುತ್ತಿದೆ, ಸಮತೋಲಿತ ಆಹಾರ ಸೇವನೆಯಿಂದ ಈ ಸಮಸ್ಯೆಗಳನ್ನು ತಡೆಗಟ್ಟಬಹುದು ಎಂದರು.

ಕಾರ್ಯಕ್ರಮದಲ್ಲಿ ಮಕ್ಕಳಿಗೆ ಆರೋಗ್ಯ ತಪಾಸಣೆ ನಡೆಸಲಾಯಿತು. ಅಗತ್ಯ ಔಷಧಗಳನ್ನು ವಿತರಿಸಲಾಯಿತು.

ಸರ್ಕಾರಿ ನೌಕರರಿಗೆ ನಿವೃತ್ತಿ ಸಹಜ; ಆದರೆ ಸೇವಾ ಅವಧಿಯಲ್ಲಿ
ಮಾಡಿರುವ ಕೆಲಸ ಕಾರ್ಯಗಳು ಎಂದಿಗೂ ಶಾಶ್ವತ: ಪ್ರದೀಪ್

ಮಾಲೂರು

ಸರ್ಕಾರಿ ಸೇವೆಗೆ ಸೇರಿದ ನೌಕರರಿಗೆ ವರ್ಷಾನುಗತ ಹಾಗೂ ನಿವೃತ್ತಿ ಸಹಜ ಪ್ರಕ್ರಿಯೆಯಾಗಿದ್ದು, ಆದರೆ ಸೇವಾ ಅವಧಿಯಲ್ಲಿ ಮಾಡಿರುವ ಕೆಲಸ ಕಾರ್ಯಗಳು ಶಾಶ್ವತವಾಗುತ್ತವೆ ಎಂದು ನಗರಸಭೆ ಪೌರಾಯುಕ್ತ ಎಂ ಪ್ರದೀಪ್ ಹೇಳಿದರು.

ನಗರದ ನಗರ ಸಭೆಯಲ್ಲಿ ಕಚೇರಿಯ ಸಿಬ್ಬಂದಿ ಕಾರ್ಯನಿರ್ವಹಿಸಿ ಮುಖಂಡರುಗೆ ಸೇರಿದಂತೆ ನಗರಸಭೆ ಸಿಬ್ಬಂದಿಯ ಸನ್ಮಾನ ಮಾಡಲಾಯಿತು. ನಗರಸಭೆಯ ವತಿಯಿಂದ ಆನಂದಗೌಡ ಅವರಿಗೆ ಅಭಿನಂದನೆ ಸಲ್ಲಿಸಲಾಯಿತು.

೨೦೦೧ರಲ್ಲಿ ಮಾಲೂರು ಪುರಸಭೆ ಸೇರಿಕೊಂಡು ಒಟ್ಟು ಎಂಬ ೨೦ ವರ್ಷಗಳ ನಗರಸಭೆಯಲ್ಲಿ ನಿವೃತ್ತಿ ಹೊಂದುತ್ತಿದ್ದಾರೆ. ಪ್ರತಿಷ್ಠ ನಗರಸಭೆಯಲ್ಲಿಯೂ ನಿರ್ವಹಿಸಿದ ಪುರಸಭೆ ಹಾಗೂ ಅವರು ದೀರ್ಘಕಾಲ ಕೆಲಸ ಮಾಡಿದ್ದಾರೆ.

ಕಚೇರಿಯ ಅಧಿಕಾರಿಗಳ ಕಚೇರಿಯ ಸ್ವಚ್ಛತೆ ಬಗ್ಗೆ ನಿರ್ವಹಣೆಯ ಸಾರ್ವಜನಿಕವಾಗಿ ನಿಲ್ಲುವ ಅಭಿವೃದ್ಧಿ ಕಾರ್ಯ ನಿರ್ವಹಿಸಿದ್ದು ಎಂದು ಸಿಬ್ಬಂದಿಗಳು ೨೩ ವರ್ಷಗಳ ಕಾಲ ಉತ್ತಮ ರೀತಿಯ ಕಾರ್ಯನಿರ್ವಹಿಸಿದ್ದಾರೆ.

ನಗರಸಭೆ ಮುಖ್ಯವಾದ ಬಗ್ಗೆ ಎಲ್ಲರೂ ಕಾರ್ಯನಿರತರಾದ ದಾಖಲೆಗಳ ನಿರ್ವಹಣೆ ಮಾಡಿದ್ದರು. ಅವರ ಅಧಿಕಾರಿಗಳಿಗೆ ಮುಖ್ಯ ಪಾತ್ರ ಆಗಿದೆ, ಸೇವೆಯಲ್ಲಿ ಮುಂದುವರೆದು ಎಂದು ತಿಳಿಸಿ ಹಾರೈಸಿದರು.

ನಗರಸಭೆ ಅಧ್ಯಕ್ಷ ಎಂಬುದರಿಂದ ಪುರಸಭೆ ಹಾಗೂ ನಗರಸಭೆಯಲ್ಲಿ ಶ್ರಮಿಸಿದ ನಿರಂತರ ಕಾರ್ಯ ನಿರ್ವಹಿಸಿದ ಸಿಬ್ಬಂದಿಗಳ ಉತ್ತಮ ಬಗೆಯಲ್ಲಿ.

ಹೊಂದಿದ್ದು, ಎಲ್ಲಾ ಅಭಿವೃದ್ಧಿ ರೀತಿಯಲ್ಲಿ ಕಾರ್ಯನಿರ್ವಹಿಸಿ, ಸಾರ್ವಜನಿಕರೊಂದಿಗೆ ಸೌಹಾರ್ದಯುತವಾಗಿ ಬೆರೆತು ಕೆಲಸ ಮಾಡಿದ್ದಾರೆ ಎಂದು ಹೊಂದುತ್ತಿರುವುದು ನಿಜಕ್ಕೂ ಸಂತಸದ ವಿಷಯ ಎಂದರು.

ಕಾರ್ಯಕ್ರಮದಲ್ಲಿ ನಗರಸಭೆ ಸದಸ್ಯರಾದ ಎಂ.ನಿಂತಿಯರು, ಮೆಂಟೇನರ್, ಶ್ರೀನಿವಾಸ್, ರಮೇಶ್, ಕೃಷ್ಣಪ್ಪ, ನಾರಾಯಣಸ್ವಾಮಿ, ಶ್ರೀನಿವಾಸ್ ಮುಂತಾದವರು ಉಪಸ್ಥಿತರಿದ್ದರು.

ನಗರಸಭೆ ಕಚೇರಿಯಲ್ಲಿ ಕಾರ್ಯನಿರ್ವಹಿಸುತ್ತಿರುವ ಸಿಬ್ಬಂದಿಗೆ ಅಭಿನಂದಿಸಲಾಯಿತು. ನಿವೃತ್ತಿ ಹೊಂದಿದ ಸಿಬ್ಬಂದಿಗೆ ಶಾಲು ಹೊದಿಸಿ ಸನ್ಮಾನಿಸಲಾಯಿತು.

ನಗರಸಭೆ ಸಿಬ್ಬಂದಿ ವರ್ಗದವರು ಹಾಗೂ ಅಧಿಕಾರಿಗಳು ಕಾರ್ಯಕ್ರಮದಲ್ಲಿ ಉಪಸ್ಥಿತರಿದ್ದರು.

ಏನಗದೆಲೆ ಹಾಲು ಉತ್ಪಾದಕರ ಸಂಘದಿಂದ ಮಳೆಗಳ ನಿರ್ಮಾಣ

ಕೋಲಾರ

ಕೋಲಾರ ಜಿಲ್ಲೆಗೆ ಚಿಕ್ಕಬಳ್ಳಾಪುರ ಜಿಲ್ಲೆಯ ಹಾಲು ಉತ್ಪಾದಕ ಸಹಕಾರ ಸಂಘದ ಆಡಳಿತ ಮಂಡಳಿಯಿಂದ ಮಂದಿರ ಸಂಘಗಳ ಆಡಳಿತದ ಸಮಾರಂಭ ಜರುಗಿತು. ಸಹಕಾರಿ ಸಂಘದ ಅಧ್ಯಕ್ಷರು ಮಾತನಾಡಿದರು.

ತಾಲ್ಲೂಕಿನಲ್ಲಿ ಸುಮಾರು ೧೦ ವರ್ಷಗಳ ಕಾಲ ಎಲ್ಲ ಉತ್ಪಾದಕರಿಗೂ ಹಾಲು ಸಂಗ್ರಹ ಘಟಕ ನಿರ್ಮಿಸಿಕೊಡುವ ಕಾರ್ಯ ನಡೆಯುತ್ತಿದ್ದು, ಇದರಿಂದ ರೈತರಿಗೆ ಅನುಕೂಲವಾಗಲಿದೆ ಎಂದು ಹೇಳಿದರು.

ಹಿಮ್ಮಂಡ ಪರಿಣಾಮ ಹಾಲಿನ ಉತ್ಪಾದನೆ ಯೋಜನೆಗಳ ಅಡಿಯಲ್ಲಿ ದೃಢಸಿ ಸಾಲ ಮತ್ತು ಆರ್ಥಿಕ ಸಹಾಯ ನೀಡಲಾಗುವುದು ಎಂದು ಗ್ರಾಮೀಣ ಭಾಗದ ರೈತರಿಗೆ ಹಾಲು ಶೇಖರಣೆಯ ವ್ಯವಸ್ಥೆ ಸಹ ಸಹ್ಯವಿದೆ ಎಂದರು.

ಮತ್ತು ಹಾಲು ಉತ್ಪಾದಕ ಸಹಕಾರಿ ಸಂಘಗಳ ಸಬಲೀಕರಣಕ್ಕೆ ಮಹತ್ವದ ನೀಡಲಾಗುತ್ತಿದೆ. ಈ ಎಲ್ಲಾ ಕಾರ್ಯಕ್ರಮಗಳ ಮುಖಾಂತರ ರೈತರ ಆದಾಯ ಹೆಚ್ಚಿಸಲು ಶ್ರಮಿಸಲಾಗುತ್ತಿದೆ ಎಂದರು.
